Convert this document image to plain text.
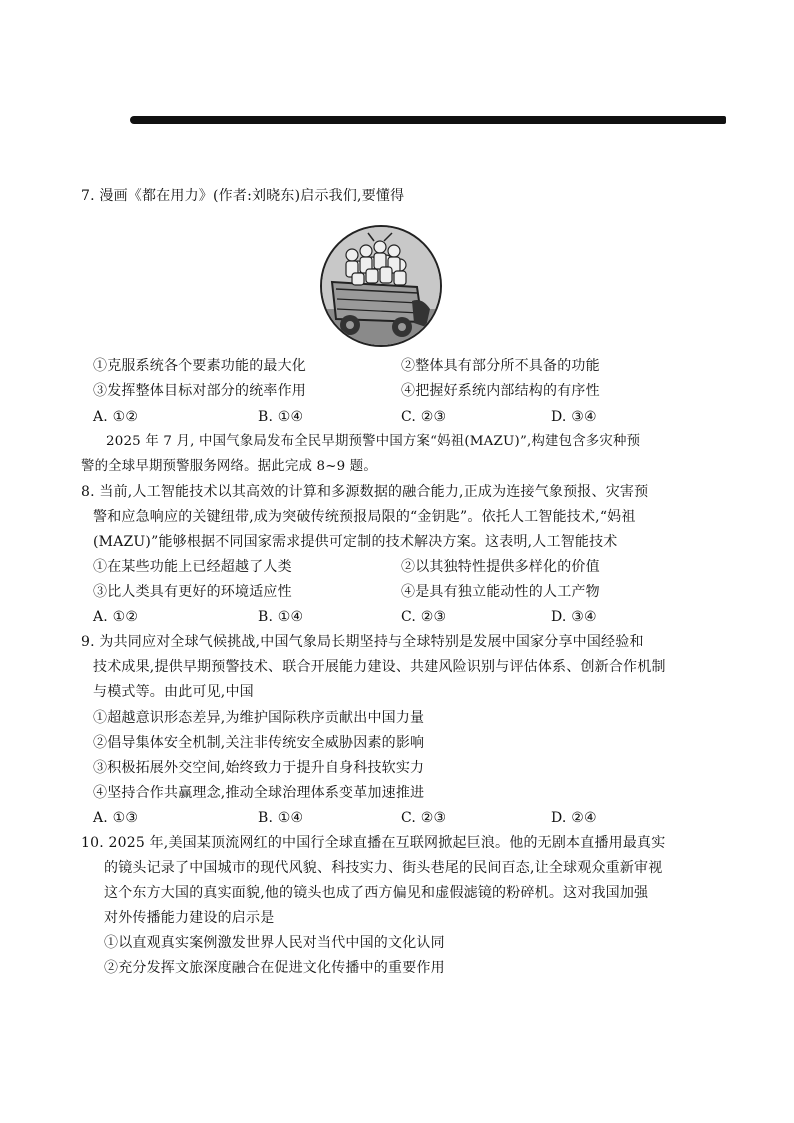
7. 漫画《都在用力》(作者:刘晓东)启示我们,要懂得
①克服系统各个要素功能的最大化	②整体具有部分所不具备的功能
③发挥整体目标对部分的统率作用	④把握好系统内部结构的有序性
A. ①②	B. ①④	C. ②③	D. ③④
2025 年 7 月, 中国气象局发布全民早期预警中国方案“妈祖(MAZU)”,构建包含多灾种预
警的全球早期预警服务网络。据此完成 8~9 题。
8. 当前,人工智能技术以其高效的计算和多源数据的融合能力,正成为连接气象预报、灾害预
警和应急响应的关键纽带,成为突破传统预报局限的“金钥匙”。依托人工智能技术,“妈祖
(MAZU)”能够根据不同国家需求提供可定制的技术解决方案。这表明,人工智能技术
①在某些功能上已经超越了人类	②以其独特性提供多样化的价值
③比人类具有更好的环境适应性	④是具有独立能动性的人工产物
A. ①②	B. ①④	C. ②③	D. ③④
9. 为共同应对全球气候挑战,中国气象局长期坚持与全球特别是发展中国家分享中国经验和
技术成果,提供早期预警技术、联合开展能力建设、共建风险识别与评估体系、创新合作机制
与模式等。由此可见,中国
①超越意识形态差异,为维护国际秩序贡献出中国力量
②倡导集体安全机制,关注非传统安全威胁因素的影响
③积极拓展外交空间,始终致力于提升自身科技软实力
④坚持合作共赢理念,推动全球治理体系变革加速推进
A. ①③	B. ①④	C. ②③	D. ②④
10. 2025 年,美国某顶流网红的中国行全球直播在互联网掀起巨浪。他的无剧本直播用最真实
的镜头记录了中国城市的现代风貌、科技实力、街头巷尾的民间百态,让全球观众重新审视
这个东方大国的真实面貌,他的镜头也成了西方偏见和虚假滤镜的粉碎机。这对我国加强
对外传播能力建设的启示是
①以直观真实案例激发世界人民对当代中国的文化认同
②充分发挥文旅深度融合在促进文化传播中的重要作用
